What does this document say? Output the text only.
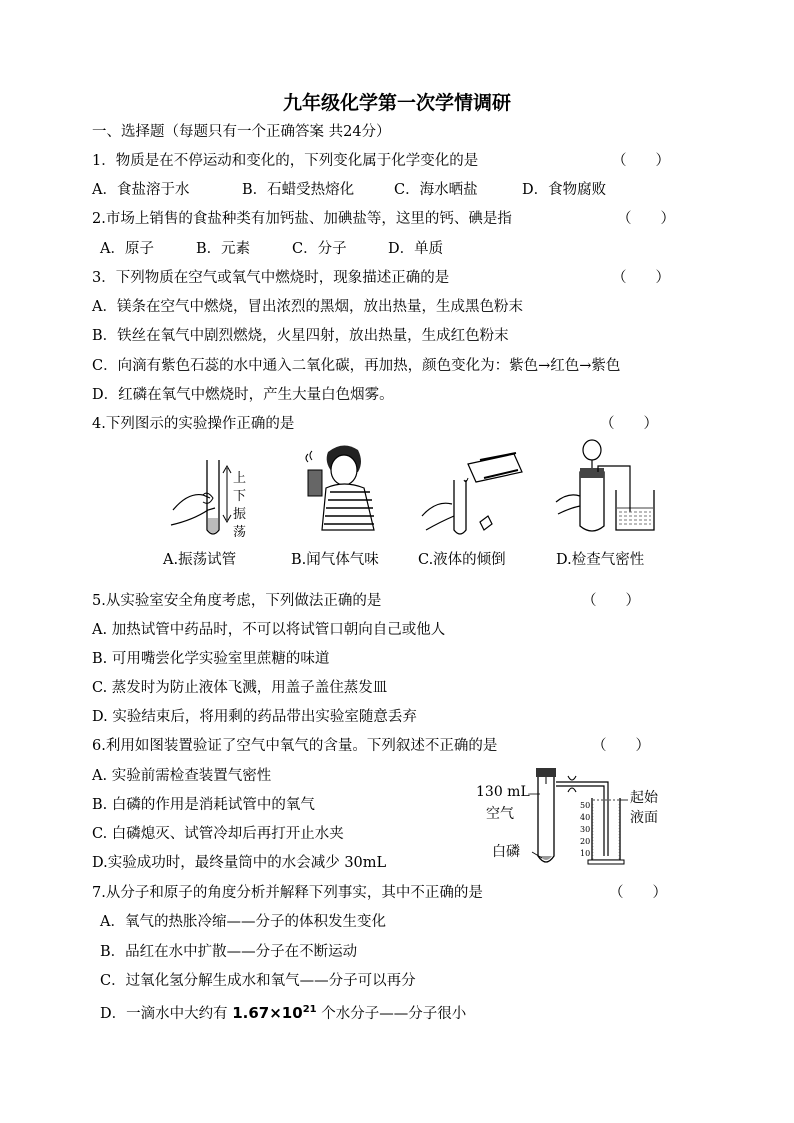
九年级化学第一次学情调研
一、选择题（每题只有一个正确答案 共24分）
1．物质是在不停运动和变化的，下列变化属于化学变化的是	（　　）
A．食盐溶于水	B．石蜡受热熔化	C．海水晒盐	D．食物腐败
2.市场上销售的食盐种类有加钙盐、加碘盐等，这里的钙、碘是指	（　　）
A．原子	B．元素	C．分子	D．单质
3．下列物质在空气或氧气中燃烧时，现象描述正确的是	（　　）
A．镁条在空气中燃烧，冒出浓烈的黑烟，放出热量，生成黑色粉末
B．铁丝在氧气中剧烈燃烧，火星四射，放出热量，生成红色粉末
C．向滴有紫色石蕊的水中通入二氧化碳，再加热，颜色变化为：紫色→红色→紫色
D．红磷在氧气中燃烧时，产生大量白色烟雾。
4.下列图示的实验操作正确的是	（　　）
上
下
振
荡
A.振荡试管	B.闻气体气味	C.液体的倾倒	D.检查气密性
5.从实验室安全角度考虑，下列做法正确的是	（　　）
A. 加热试管中药品时，不可以将试管口朝向自己或他人
B. 可用嘴尝化学实验室里蔗糖的味道
C. 蒸发时为防止液体飞溅，用盖子盖住蒸发皿
D. 实验结束后，将用剩的药品带出实验室随意丢弃
6.利用如图装置验证了空气中氧气的含量。下列叙述不正确的是	（　　）
A. 实验前需检查装置气密性
B. 白磷的作用是消耗试管中的氧气
C. 白磷熄灭、试管冷却后再打开止水夹
D.实验成功时，最终量筒中的水会减少 30mL
130 mL
空气
白磷
50
40
30
20
10
起始
液面
7.从分子和原子的角度分析并解释下列事实，其中不正确的是	（　　）
A．氧气的热胀冷缩——分子的体积发生变化
B．品红在水中扩散——分子在不断运动
C．过氧化氢分解生成水和氧气——分子可以再分
D．一滴水中大约有 $1.67\times 10^{21}$ 个水分子——分子很小
